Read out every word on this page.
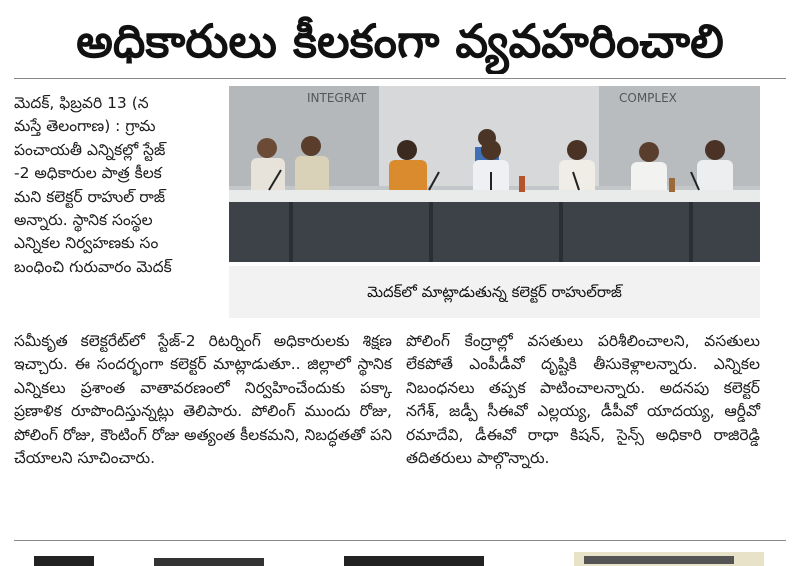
అధికారులు కీలకంగా వ్యవహరించాలి
మెదక్, ఫిబ్రవరి 13 (న
మస్తే తెలంగాణ) : గ్రామ
పంచాయతీ ఎన్నికల్లో స్టేజ్
-2 అధికారుల పాత్ర కీలక
మని కలెక్టర్ రాహుల్ రాజ్
అన్నారు. స్థానిక సంస్థల
ఎన్నికల నిర్వహణకు సం
బంధించి గురువారం మెదక్
INTEGRAT	COMPLEX
మెదక్‌లో మాట్లాడుతున్న కలెక్టర్ రాహుల్‌రాజ్

సమీకృత కలెక్టరేట్‌లో స్టేజ్-2 రిటర్నింగ్ అధికారులకు శిక్షణ ఇచ్చారు. ఈ సందర్భంగా కలెక్టర్ మాట్లాడుతూ.. జిల్లాలో స్థానిక ఎన్నికలు ప్రశాంత వాతావరణంలో నిర్వహించేందుకు పక్కా ప్రణాళిక రూపొందిస్తున్నట్లు తెలిపారు. పోలింగ్ ముందు రోజు, పోలింగ్ రోజు, కౌంటింగ్ రోజు అత్యంత కీలకమని, నిబద్ధతతో పని చేయాలని సూచించారు.

పోలింగ్ కేంద్రాల్లో వసతులు పరిశీలించాలని, వసతులు లేకపోతే ఎంపీడీవో దృష్టికి తీసుకెళ్లాలన్నారు. ఎన్నికల నిబంధనలు తప్పక పాటించాలన్నారు. అదనపు కలెక్టర్ నగేశ్, జడ్పీ సీఈవో ఎల్లయ్య, డీపీవో యాదయ్య, ఆర్డీవో రమాదేవి, డీఈవో రాధా కిషన్, సైన్స్ అధికారి రాజిరెడ్డి తదితరులు పాల్గొన్నారు.
